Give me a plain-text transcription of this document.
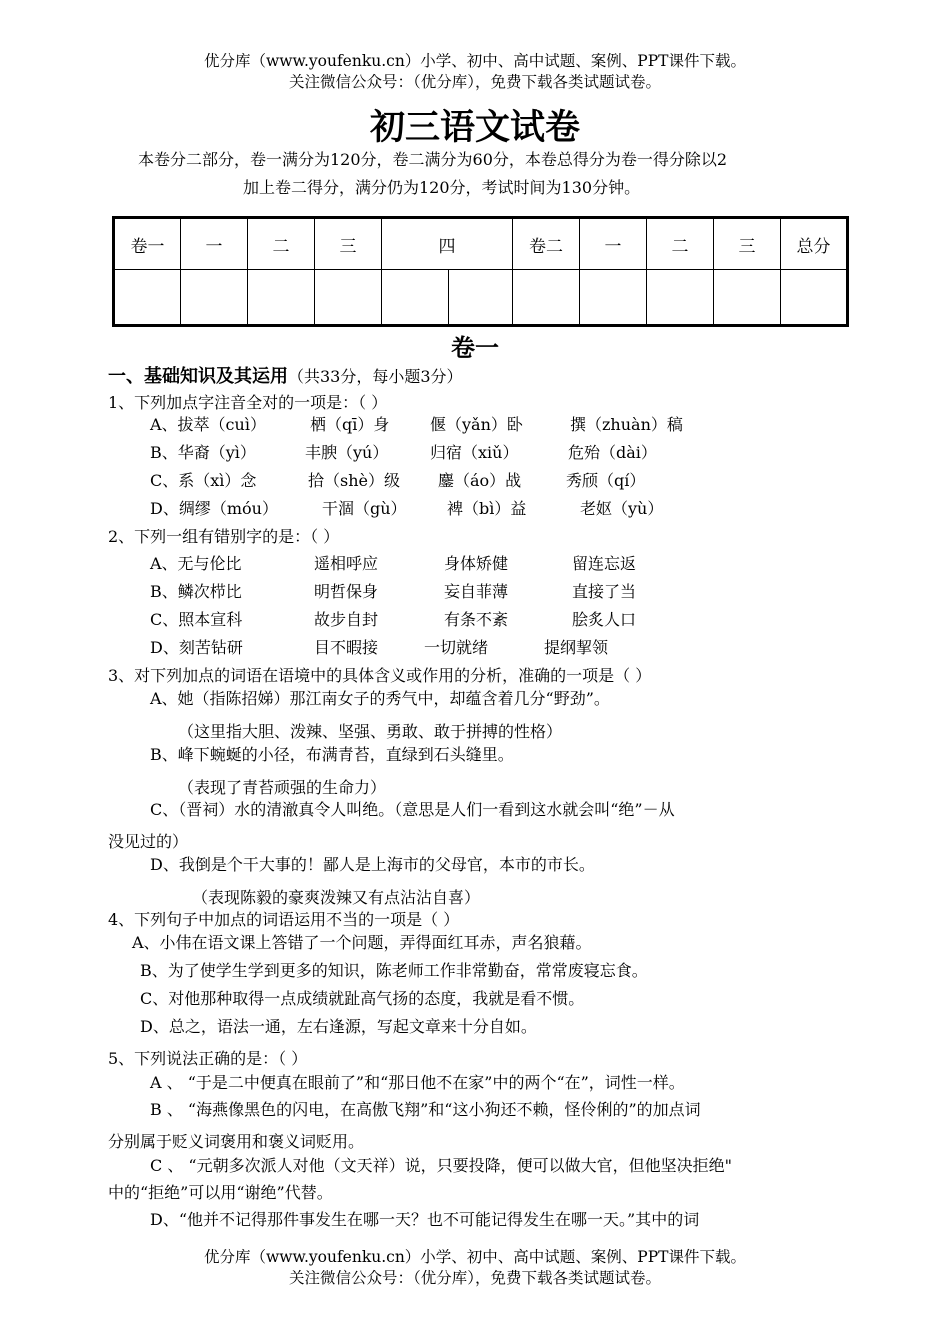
优分库（www.youfenku.cn）小学、初中、高中试题、案例、PPT课件下载。
关注微信公众号：（优分库），免费下载各类试题试卷。
初三语文试卷
本卷分二部分，卷一满分为120分，卷二满分为60分，本卷总得分为卷一得分除以2
加上卷二得分，满分仍为120分，考试时间为130分钟。
卷一	一	二	三	四		卷二	一	二	三	总分

卷一
一、基础知识及其运用（共33分，每小题3分）
1、下列加点字注音全对的一项是：（ ）
A、拔萃（cuì）	栖（qī）身	偃（yǎn）卧	撰（zhuàn）稿
B、华裔（yì）	丰腴（yú）	归宿（xiǔ）	危殆（dài）
C、系（xì）念	拾（shè）级	鏖（áo）战	秀颀（qí）
D、绸缪（móu）	干涸（gù）	裨（bì）益	老妪（yù）
2、下列一组有错别字的是：（ ）
A、无与伦比	遥相呼应	身体矫健	留连忘返
B、鳞次栉比	明哲保身	妄自菲薄	直接了当
C、照本宣科	故步自封	有条不紊	脍炙人口
D、刻苦钻研	目不暇接	一切就绪	提纲挈领
3、对下列加点的词语在语境中的具体含义或作用的分析，准确的一项是（ ）
A、她（指陈招娣）那江南女子的秀气中，却蕴含着几分“野劲”。
（这里指大胆、泼辣、坚强、勇敢、敢于拼搏的性格）
B、峰下蜿蜒的小径，布满青苔，直绿到石头缝里。
（表现了青苔顽强的生命力）
C、（晋祠）水的清澈真令人叫绝。（意思是人们一看到这水就会叫“绝”－从
没见过的）
D、我倒是个干大事的！鄙人是上海市的父母官，本市的市长。
（表现陈毅的豪爽泼辣又有点沾沾自喜）
4、下列句子中加点的词语运用不当的一项是（ ）
A、小伟在语文课上答错了一个问题，弄得面红耳赤，声名狼藉。
B、为了使学生学到更多的知识，陈老师工作非常勤奋，常常废寝忘食。
C、对他那种取得一点成绩就趾高气扬的态度，我就是看不惯。
D、总之，语法一通，左右逢源，写起文章来十分自如。
5、下列说法正确的是：（ ）
A 、 “于是二中便真在眼前了”和“那日他不在家”中的两个“在”，词性一样。
B 、 “海燕像黑色的闪电，在高傲飞翔”和“这小狗还不赖，怪伶俐的”的加点词
分别属于贬义词褒用和褒义词贬用。
C 、 “元朝多次派人对他（文天祥）说，只要投降，便可以做大官，但他坚决拒绝"
中的“拒绝”可以用“谢绝”代替。
D、“他并不记得那件事发生在哪一天？也不可能记得发生在哪一天。”其中的词
优分库（www.youfenku.cn）小学、初中、高中试题、案例、PPT课件下载。
关注微信公众号：（优分库），免费下载各类试题试卷。
